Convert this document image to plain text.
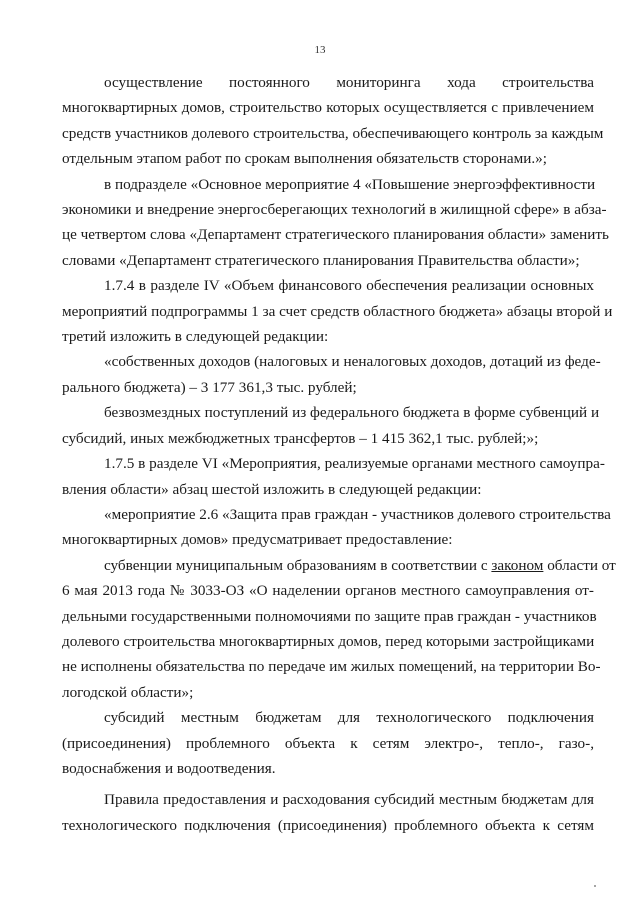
13
осуществление постоянного мониторинга хода строительства
многоквартирных домов, строительство которых осуществляется с привлечением
средств участников долевого строительства, обеспечивающего контроль за каждым
отдельным этапом работ по срокам выполнения обязательств сторонами.»;
в подразделе «Основное мероприятие 4 «Повышение энергоэффективности
экономики и внедрение энергосберегающих технологий в жилищной сфере» в абза-
це четвертом слова «Департамент стратегического планирования области» заменить
словами «Департамент стратегического планирования Правительства области»;
1.7.4 в разделе IV «Объем финансового обеспечения реализации основных
мероприятий подпрограммы 1 за счет средств областного бюджета» абзацы второй и
третий изложить в следующей редакции:
«собственных доходов (налоговых и неналоговых доходов, дотаций из феде-
рального бюджета) – 3 177 361,3 тыс. рублей;
безвозмездных поступлений из федерального бюджета в форме субвенций и
субсидий, иных межбюджетных трансфертов – 1 415 362,1 тыс. рублей;»;
1.7.5 в разделе VI «Мероприятия, реализуемые органами местного самоупра-
вления области» абзац шестой изложить в следующей редакции:
«мероприятие 2.6 «Защита прав граждан - участников долевого строительства
многоквартирных домов» предусматривает предоставление:
субвенции муниципальным образованиям в соответствии с законом области от
6 мая 2013 года № 3033-ОЗ «О наделении органов местного самоуправления от-
дельными государственными полномочиями по защите прав граждан - участников
долевого строительства многоквартирных домов, перед которыми застройщиками
не исполнены обязательства по передаче им жилых помещений, на территории Во-
логодской области»;
субсидий местным бюджетам для технологического подключения
(присоединения) проблемного объекта к сетям электро-, тепло-, газо-,
водоснабжения и водоотведения.
Правила предоставления и расходования субсидий местным бюджетам для
технологического подключения (присоединения) проблемного объекта к сетям
